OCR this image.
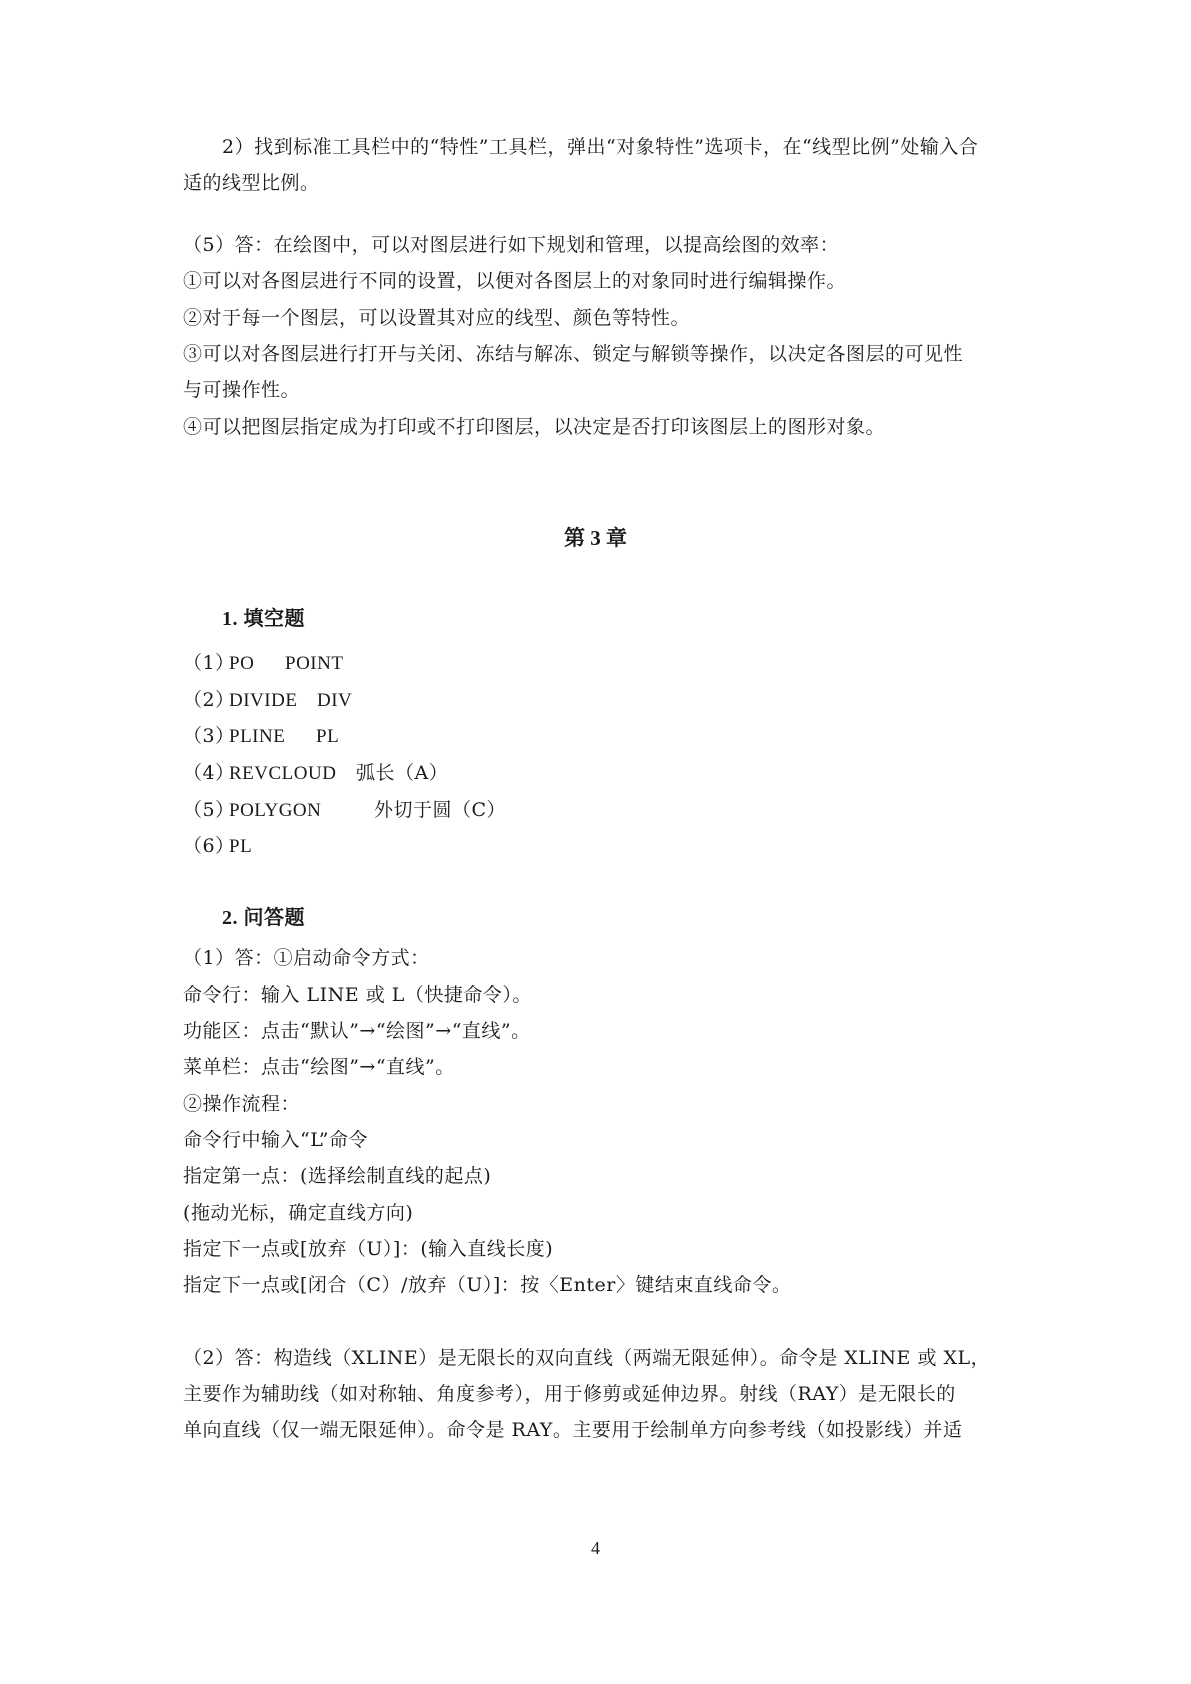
2）找到标准工具栏中的“特性”工具栏，弹出“对象特性”选项卡，在“线型比例”处输入合
适的线型比例。
（5）答：在绘图中，可以对图层进行如下规划和管理，以提高绘图的效率：
①可以对各图层进行不同的设置，以便对各图层上的对象同时进行编辑操作。
②对于每一个图层，可以设置其对应的线型、颜色等特性。
③可以对各图层进行打开与关闭、冻结与解冻、锁定与解锁等操作，以决定各图层的可见性
与可操作性。
④可以把图层指定成为打印或不打印图层，以决定是否打印该图层上的图形对象。
第 3 章
1. 填空题
（1）PO POINT
（2）DIVIDE DIV
（3）PLINE PL
（4）REVCLOUD 弧长（A）
（5）POLYGON	外切于圆（C）
（6）PL
2. 问答题
（1）答：①启动命令方式：
命令行：输入 LINE 或 L（快捷命令）。
功能区：点击“默认”→“绘图”→“直线”。
菜单栏：点击“绘图”→“直线”。
②操作流程：
命令行中输入“L”命令
指定第一点：(选择绘制直线的起点)
(拖动光标，确定直线方向)
指定下一点或[放弃（U）]：(输入直线长度)
指定下一点或[闭合（C）/放弃（U）]：按〈Enter〉键结束直线命令。
（2）答：构造线（XLINE）是无限长的双向直线（两端无限延伸）。命令是 XLINE 或 XL，
主要作为辅助线（如对称轴、角度参考），用于修剪或延伸边界。射线（RAY）是无限长的
单向直线（仅一端无限延伸）。命令是 RAY。主要用于绘制单方向参考线（如投影线）并适
4
